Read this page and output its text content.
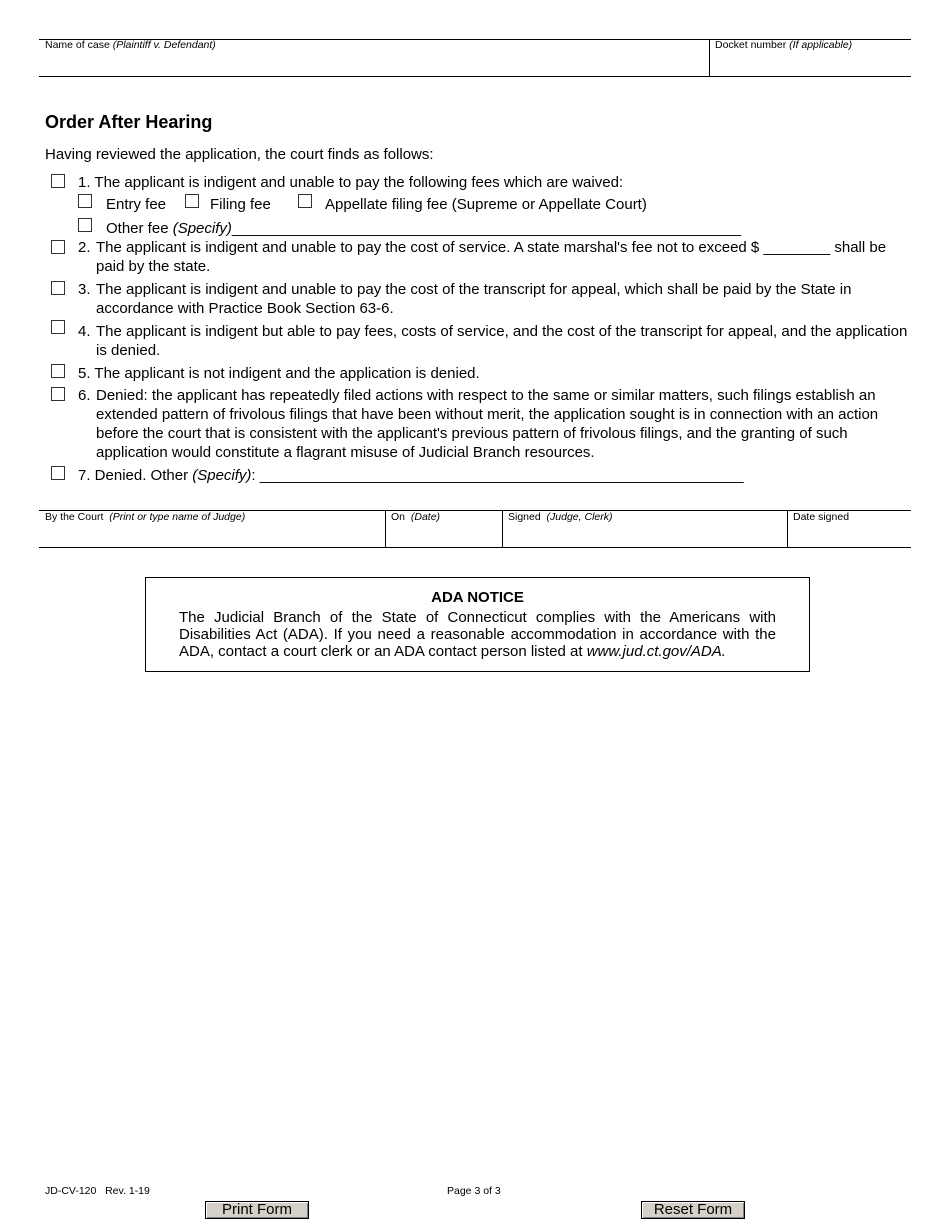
Name of case (Plaintiff v. Defendant)	Docket number (If applicable)
Order After Hearing
Having reviewed the application, the court finds as follows:
1. The applicant is indigent and unable to pay the following fees which are waived:
Entry fee	Filing fee	Appellate filing fee (Supreme or Appellate Court)
Other fee (Specify)_____________________________________________________________
2. The applicant is indigent and unable to pay the cost of service. A state marshal's fee not to exceed $ ________ shall be paid by the state.
3. The applicant is indigent and unable to pay the cost of the transcript for appeal, which shall be paid by the State in accordance with Practice Book Section 63-6.
4. The applicant is indigent but able to pay fees, costs of service, and the cost of the transcript for appeal, and the application is denied.
5. The applicant is not indigent and the application is denied.
6. Denied: the applicant has repeatedly filed actions with respect to the same or similar matters, such filings establish an extended pattern of frivolous filings that have been without merit, the application sought is in connection with an action before the court that is consistent with the applicant's previous pattern of frivolous filings, and the granting of such application would constitute a flagrant misuse of Judicial Branch resources.
7. Denied. Other (Specify): __________________________________________________________
By the Court (Print or type name of Judge)	On (Date)	Signed (Judge, Clerk)	Date signed
ADA NOTICE
The Judicial Branch of the State of Connecticut complies with the Americans with Disabilities Act (ADA). If you need a reasonable accommodation in accordance with the ADA, contact a court clerk or an ADA contact person listed at www.jud.ct.gov/ADA.
JD-CV-120   Rev. 1-19	Page 3 of 3
Print Form	Reset Form
